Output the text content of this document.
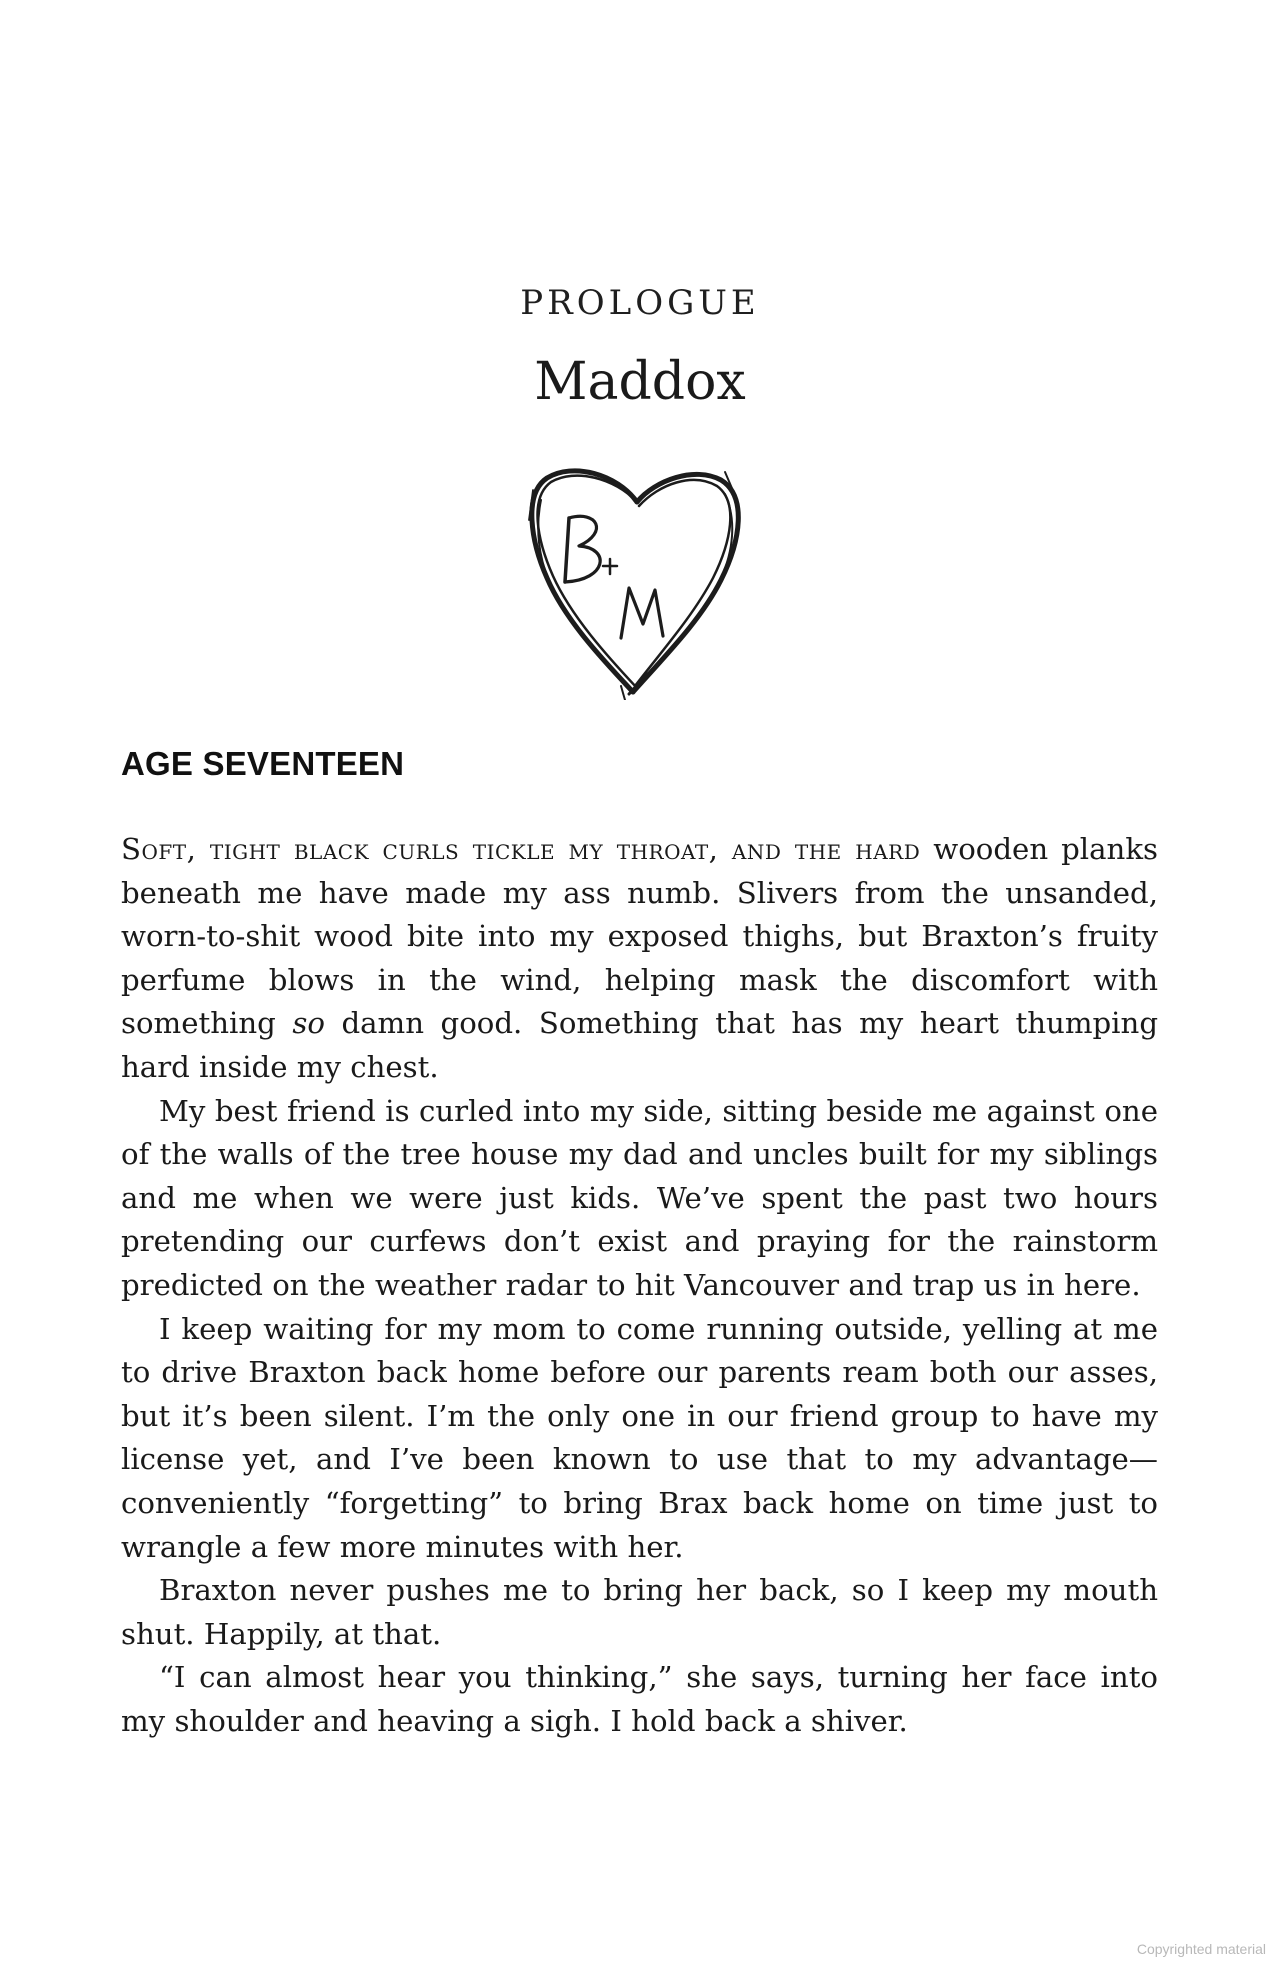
PROLOGUE
Maddox
AGE SEVENTEEN

Soft, tight black curls tickle my throat, and the hard wooden planks beneath me have made my ass numb. Slivers from the unsanded, worn-to-shit wood bite into my exposed thighs, but Braxton’s fruity perfume blows in the wind, helping mask the discomfort with something so damn good. Something that has my heart thumping hard inside my chest.

My best friend is curled into my side, sitting beside me against one of the walls of the tree house my dad and uncles built for my siblings and me when we were just kids. We’ve spent the past two hours pretending our curfews don’t exist and praying for the rainstorm predicted on the weather radar to hit Vancouver and trap us in here.

I keep waiting for my mom to come running outside, yelling at me to drive Braxton back home before our parents ream both our asses, but it’s been silent. I’m the only one in our friend group to have my license yet, and I’ve been known to use that to my advantage—conveniently “forgetting” to bring Brax back home on time just to wrangle a few more minutes with her.

Braxton never pushes me to bring her back, so I keep my mouth shut. Happily, at that.

“I can almost hear you thinking,” she says, turning her face into my shoulder and heaving a sigh. I hold back a shiver.

Copyrighted material
